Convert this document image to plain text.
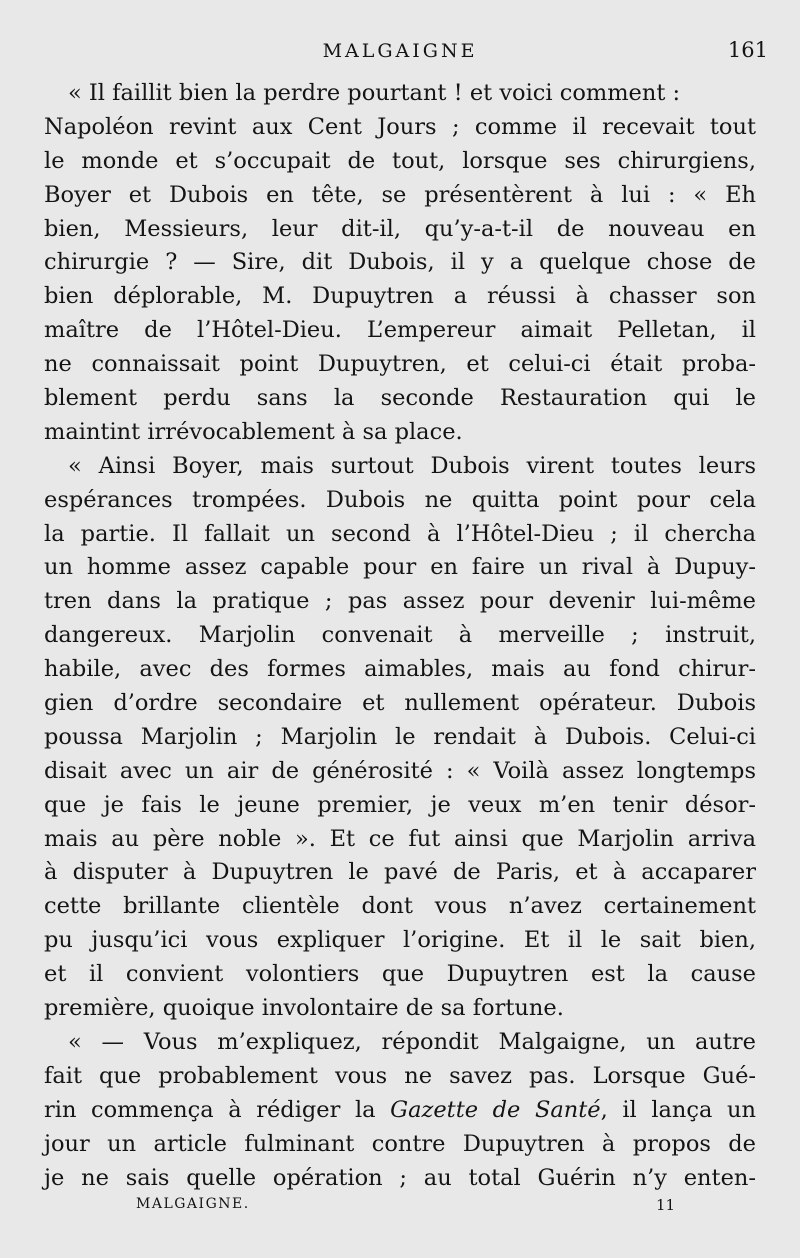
MALGAIGNE	161
« Il faillit bien la perdre pourtant ! et voici comment :
Napoléon revint aux Cent Jours ; comme il recevait tout
le monde et s’occupait de tout, lorsque ses chirurgiens,
Boyer et Dubois en tête, se présentèrent à lui : « Eh
bien, Messieurs, leur dit-il, qu’y-a-t-il de nouveau en
chirurgie ? — Sire, dit Dubois, il y a quelque chose de
bien déplorable, M. Dupuytren a réussi à chasser son
maître de l’Hôtel-Dieu. L’empereur aimait Pelletan, il
ne connaissait point Dupuytren, et celui-ci était proba-
blement perdu sans la seconde Restauration qui le
maintint irrévocablement à sa place.
« Ainsi Boyer, mais surtout Dubois virent toutes leurs
espérances trompées. Dubois ne quitta point pour cela
la partie. Il fallait un second à l’Hôtel-Dieu ; il chercha
un homme assez capable pour en faire un rival à Dupuy-
tren dans la pratique ; pas assez pour devenir lui-même
dangereux. Marjolin convenait à merveille ; instruit,
habile, avec des formes aimables, mais au fond chirur-
gien d’ordre secondaire et nullement opérateur. Dubois
poussa Marjolin ; Marjolin le rendait à Dubois. Celui-ci
disait avec un air de générosité : « Voilà assez longtemps
que je fais le jeune premier, je veux m’en tenir désor-
mais au père noble ». Et ce fut ainsi que Marjolin arriva
à disputer à Dupuytren le pavé de Paris, et à accaparer
cette brillante clientèle dont vous n’avez certainement
pu jusqu’ici vous expliquer l’origine. Et il le sait bien,
et il convient volontiers que Dupuytren est la cause
première, quoique involontaire de sa fortune.
« — Vous m’expliquez, répondit Malgaigne, un autre
fait que probablement vous ne savez pas. Lorsque Gué-
rin commença à rédiger la Gazette de Santé, il lança un
jour un article fulminant contre Dupuytren à propos de
je ne sais quelle opération ; au total Guérin n’y enten-
MALGAIGNE.	11
